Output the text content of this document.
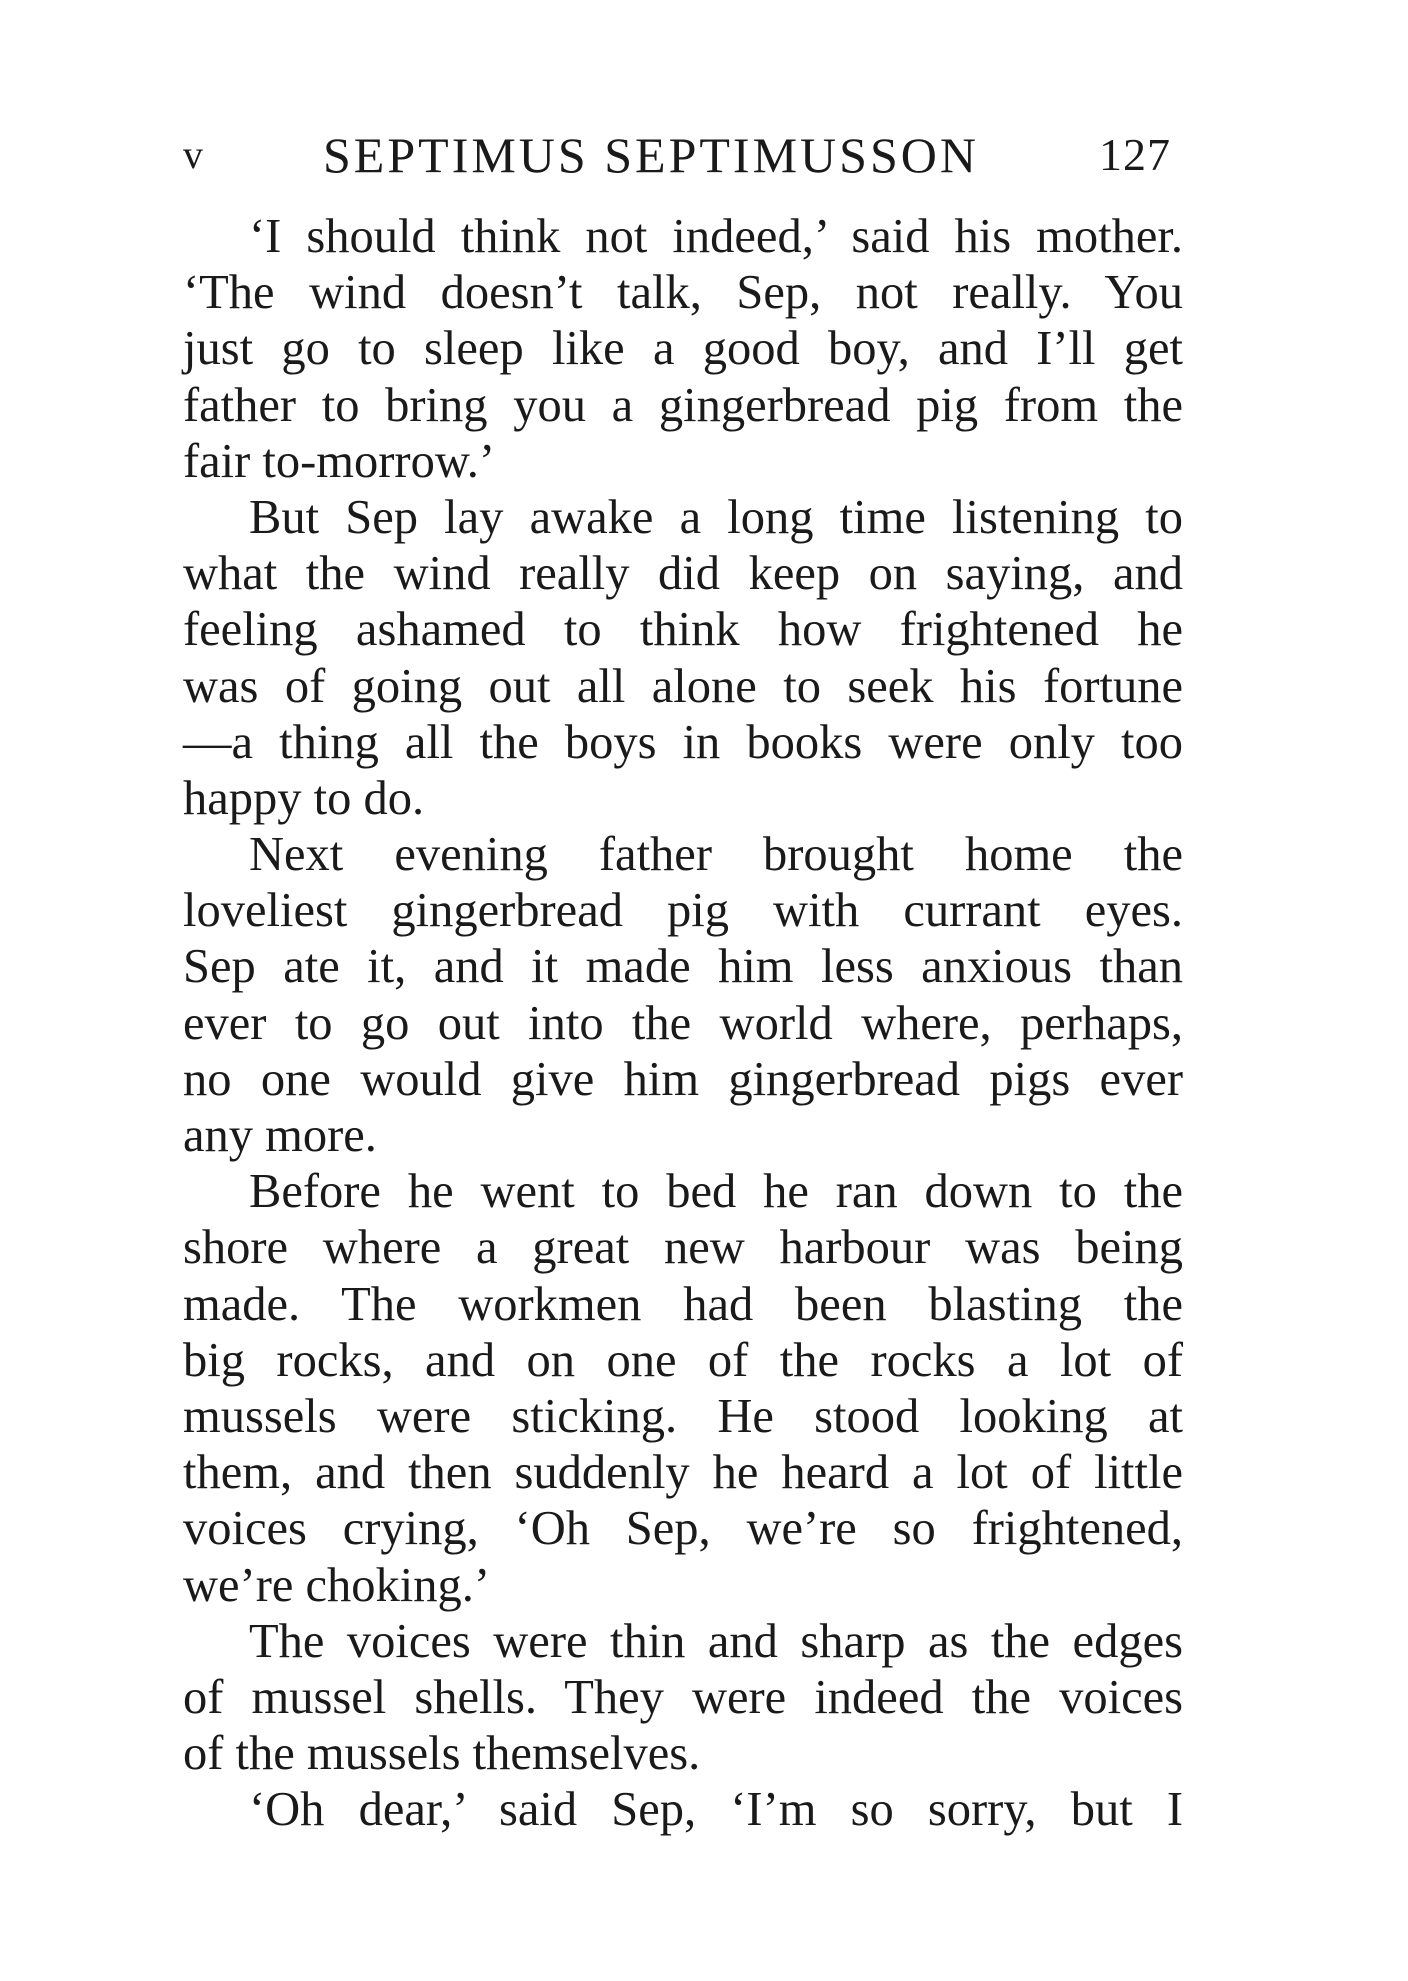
v SEPTIMUS SEPTIMUSSON	127
‘I should think not indeed,’ said his mother.
‘The wind doesn’t talk, Sep, not really. You
just go to sleep like a good boy, and I’ll get
father to bring you a gingerbread pig from the
fair to-morrow.’
But Sep lay awake a long time listening to
what the wind really did keep on saying, and
feeling ashamed to think how frightened he
was of going out all alone to seek his fortune
—a thing all the boys in books were only too
happy to do.
Next evening father brought home the
loveliest gingerbread pig with currant eyes.
Sep ate it, and it made him less anxious than
ever to go out into the world where, perhaps,
no one would give him gingerbread pigs ever
any more.
Before he went to bed he ran down to the
shore where a great new harbour was being
made. The workmen had been blasting the
big rocks, and on one of the rocks a lot of
mussels were sticking. He stood looking at
them, and then suddenly he heard a lot of little
voices crying, ‘Oh Sep, we’re so frightened,
we’re choking.’
The voices were thin and sharp as the edges
of mussel shells. They were indeed the voices
of the mussels themselves.
‘Oh dear,’ said Sep, ‘I’m so sorry, but I
